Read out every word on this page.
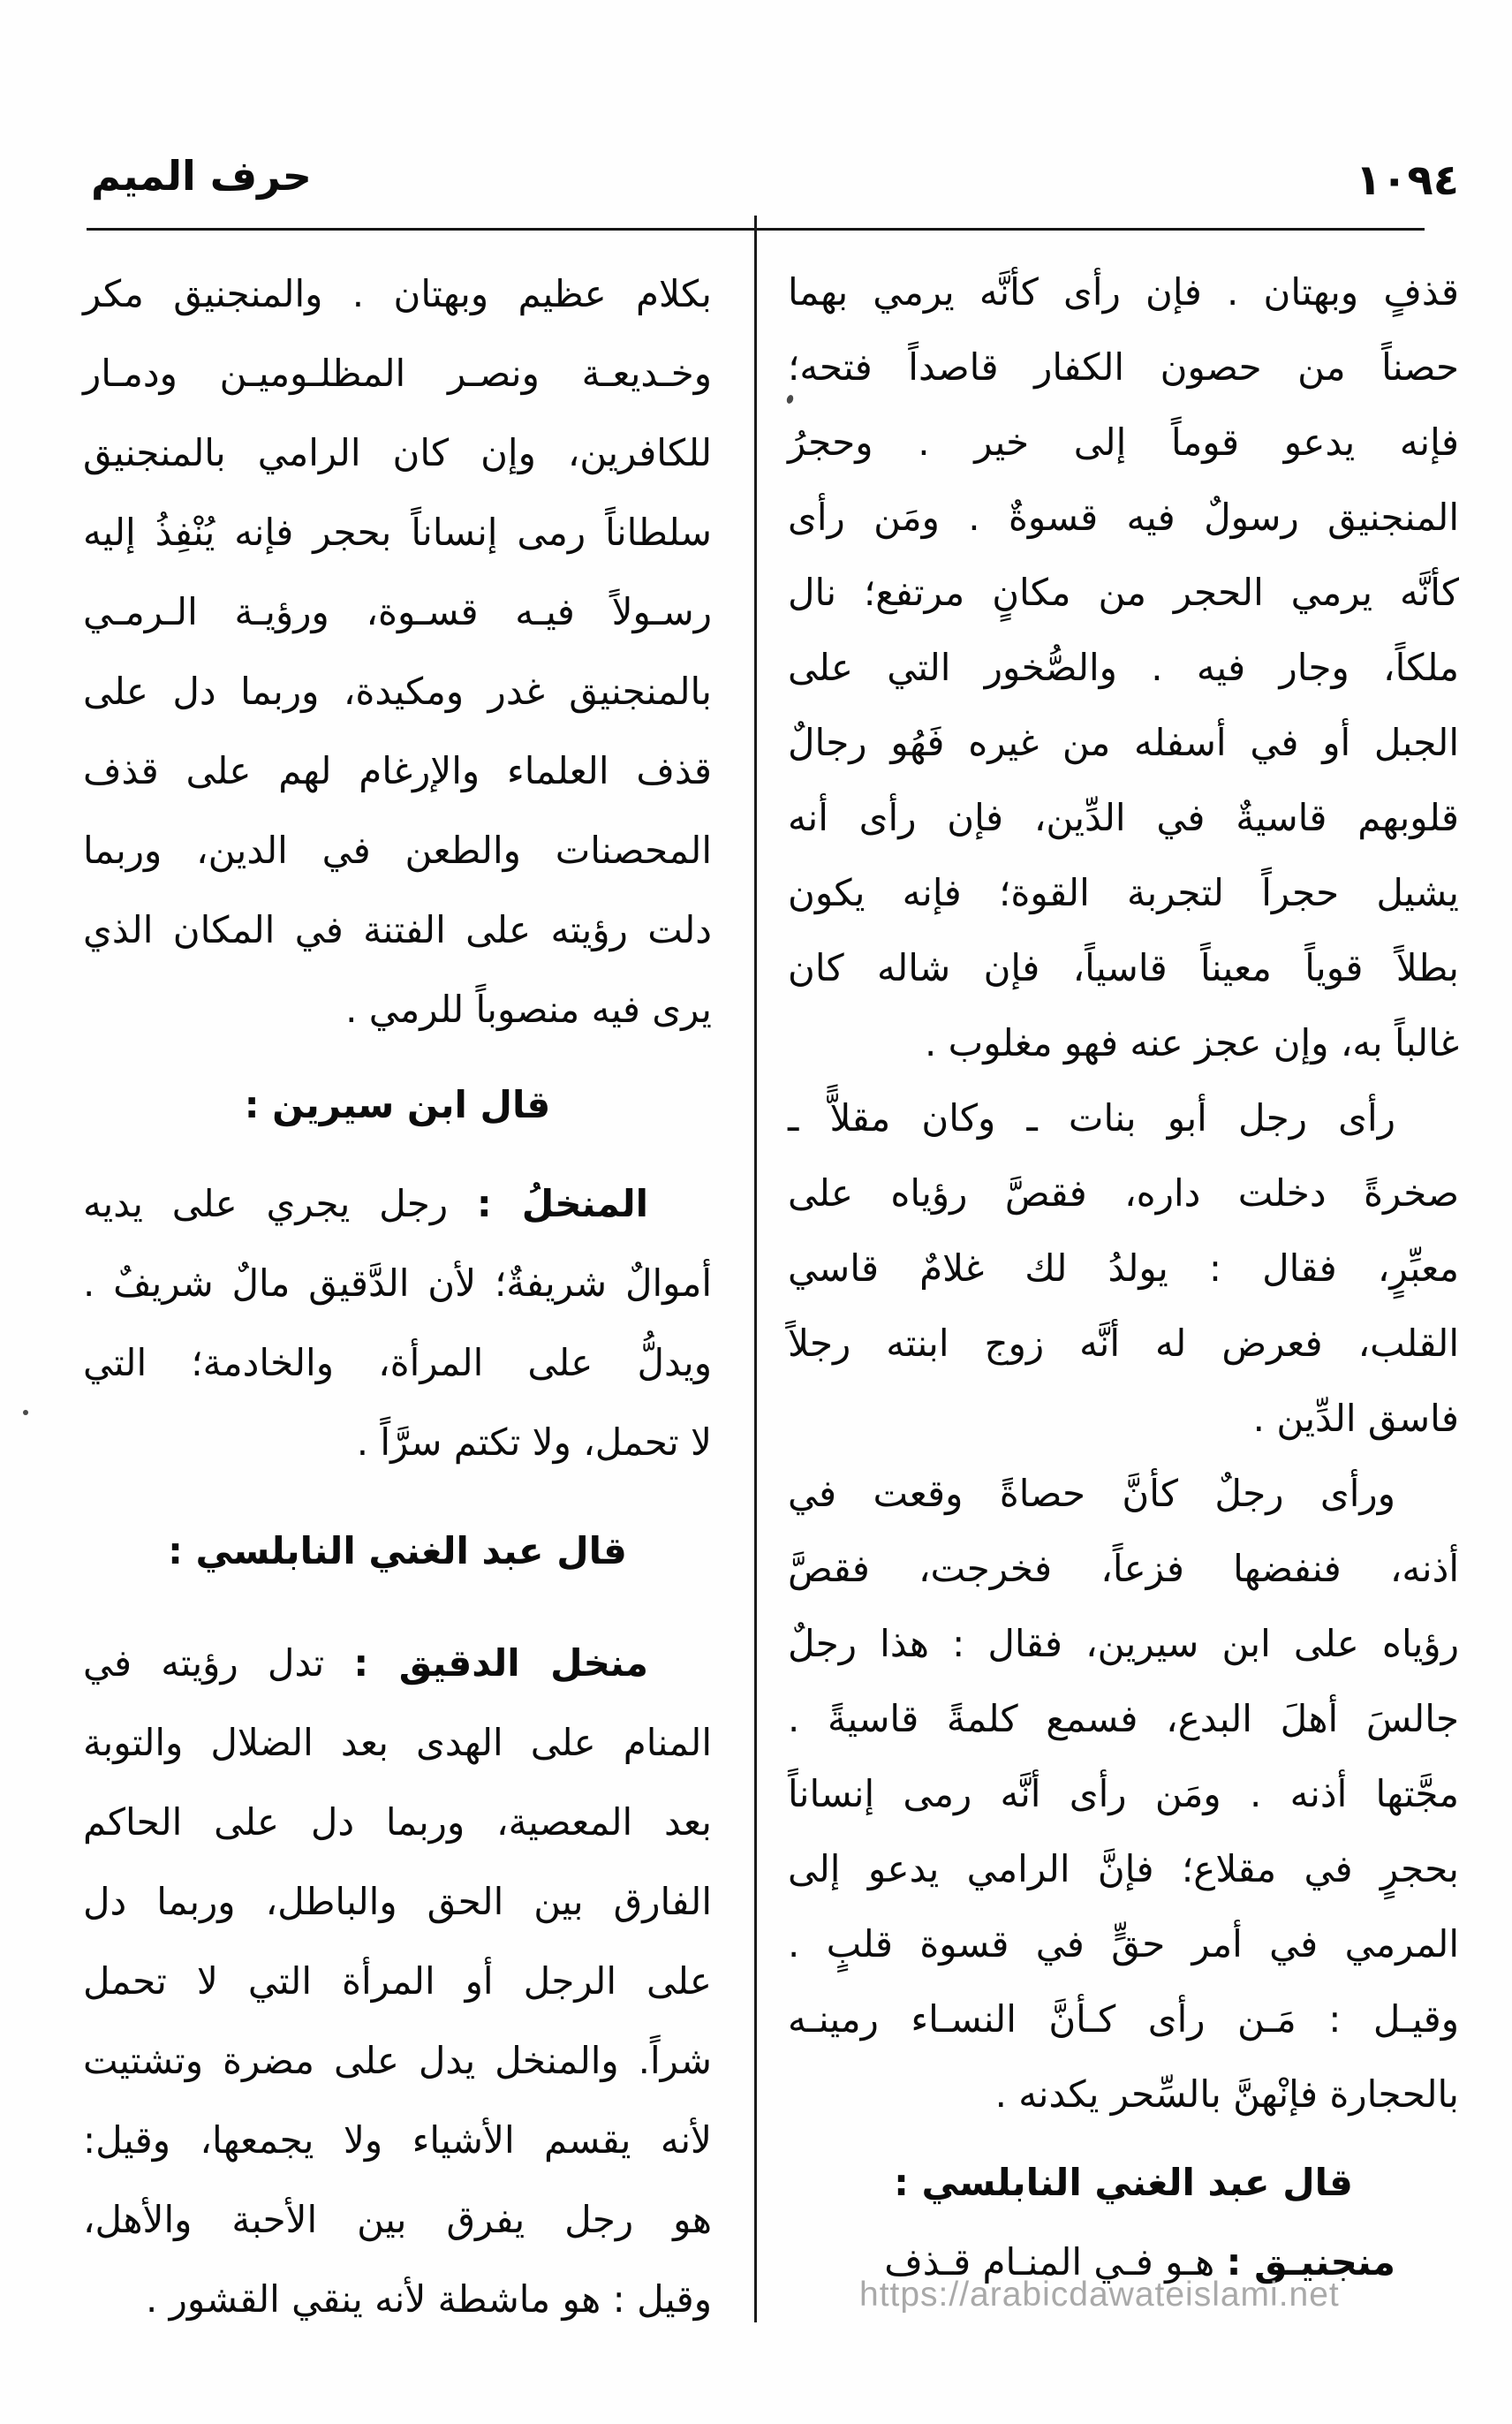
حرف الميم	١٠٩٤
قذفٍ وبهتان . فإن رأى كأنَّه يرمي بهما
حصناً من حصون الكفار قاصداً فتحه؛
فإنه يدعو قوماً إلى خير . وحجرُ
المنجنيق رسولٌ فيه قسوةٌ . ومَن رأى
كأنَّه يرمي الحجر من مكانٍ مرتفع؛ نال
ملكاً، وجار فيه . والصُّخور التي على
الجبل أو في أسفله من غيره فَهُو رجالٌ
قلوبهم قاسيةٌ في الدِّين، فإن رأى أنه
يشيل حجراً لتجربة القوة؛ فإنه يكون
بطلاً قوياً معيناً قاسياً، فإن شاله كان
غالباً به، وإن عجز عنه فهو مغلوب .
رأى رجل أبو بنات ـ وكان مقلاًّ ـ
صخرةً دخلت داره، فقصَّ رؤياه على
معبِّرٍ، فقال : يولدُ لك غلامٌ قاسي
القلب، فعرض له أنَّه زوج ابنته رجلاً
فاسق الدِّين .
ورأى رجلٌ كأنَّ حصاةً وقعت في
أذنه، فنفضها فزعاً، فخرجت، فقصَّ
رؤياه على ابن سيرين، فقال : هذا رجلٌ
جالسَ أهلَ البدع، فسمع كلمةً قاسيةً .
مجَّتها أذنه . ومَن رأى أنَّه رمى إنساناً
بحجرٍ في مقلاع؛ فإنَّ الرامي يدعو إلى
المرمي في أمر حقٍّ في قسوة قلبٍ .
وقيـل : مَـن رأى كـأنَّ النسـاء رمينـه
بالحجارة فإنْهنَّ بالسِّحر يكدنه .
قال عبد الغني النابلسي :
منجنيـق : هـو فـي المنـام قـذف
بكلام عظيم وبهتان . والمنجنيق مكر
وخـديعـة ونصـر المظلـوميـن ودمـار
للكافرين، وإن كان الرامي بالمنجنيق
سلطاناً رمى إنساناً بحجر فإنه يُنْفِذُ إليه
رسـولاً فيـه قسـوة، ورؤيـة الـرمـي
بالمنجنيق غدر ومكيدة، وربما دل على
قذف العلماء والإرغام لهم على قذف
المحصنات والطعن في الدين، وربما
دلت رؤيته على الفتنة في المكان الذي
يرى فيه منصوباً للرمي .
قال ابن سيرين :
المنخلُ : رجل يجري على يديه
أموالٌ شريفةٌ؛ لأن الدَّقيق مالٌ شريفٌ .
ويدلُّ على المرأة، والخادمة؛ التي
لا تحمل، ولا تكتم سرَّاً .
قال عبد الغني النابلسي :
منخل الدقيق : تدل رؤيته في
المنام على الهدى بعد الضلال والتوبة
بعد المعصية، وربما دل على الحاكم
الفارق بين الحق والباطل، وربما دل
على الرجل أو المرأة التي لا تحمل
شراً. والمنخل يدل على مضرة وتشتيت
لأنه يقسم الأشياء ولا يجمعها، وقيل:
هو رجل يفرق بين الأحبة والأهل،
وقيل : هو ماشطة لأنه ينقي القشور .	https://arabicdawateislami.net
